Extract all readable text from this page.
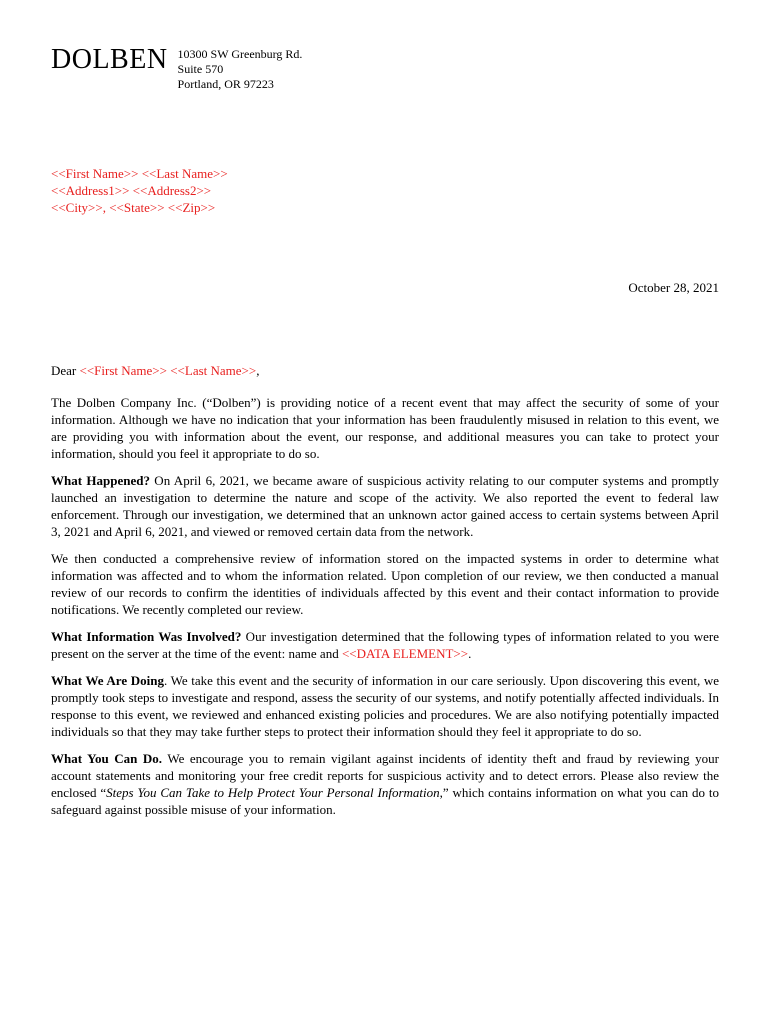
DOLBEN 10300 SW Greenburg Rd.
Suite 570
Portland, OR 97223
<<First Name>> <<Last Name>>
<<Address1>> <<Address2>>
<<City>>, <<State>> <<Zip>>
October 28, 2021

Dear <<First Name>> <<Last Name>>,

The Dolben Company Inc. (“Dolben”) is providing notice of a recent event that may affect the security of some of your information. Although we have no indication that your information has been fraudulently misused in relation to this event, we are providing you with information about the event, our response, and additional measures you can take to protect your information, should you feel it appropriate to do so.

What Happened? On April 6, 2021, we became aware of suspicious activity relating to our computer systems and promptly launched an investigation to determine the nature and scope of the activity. We also reported the event to federal law enforcement. Through our investigation, we determined that an unknown actor gained access to certain systems between April 3, 2021 and April 6, 2021, and viewed or removed certain data from the network.

We then conducted a comprehensive review of information stored on the impacted systems in order to determine what information was affected and to whom the information related. Upon completion of our review, we then conducted a manual review of our records to confirm the identities of individuals affected by this event and their contact information to provide notifications. We recently completed our review.

What Information Was Involved? Our investigation determined that the following types of information related to you were present on the server at the time of the event: name and <<DATA ELEMENT>>.

What We Are Doing. We take this event and the security of information in our care seriously. Upon discovering this event, we promptly took steps to investigate and respond, assess the security of our systems, and notify potentially affected individuals. In response to this event, we reviewed and enhanced existing policies and procedures. We are also notifying potentially impacted individuals so that they may take further steps to protect their information should they feel it appropriate to do so.

What You Can Do. We encourage you to remain vigilant against incidents of identity theft and fraud by reviewing your account statements and monitoring your free credit reports for suspicious activity and to detect errors. Please also review the enclosed “Steps You Can Take to Help Protect Your Personal Information,” which contains information on what you can do to safeguard against possible misuse of your information.
